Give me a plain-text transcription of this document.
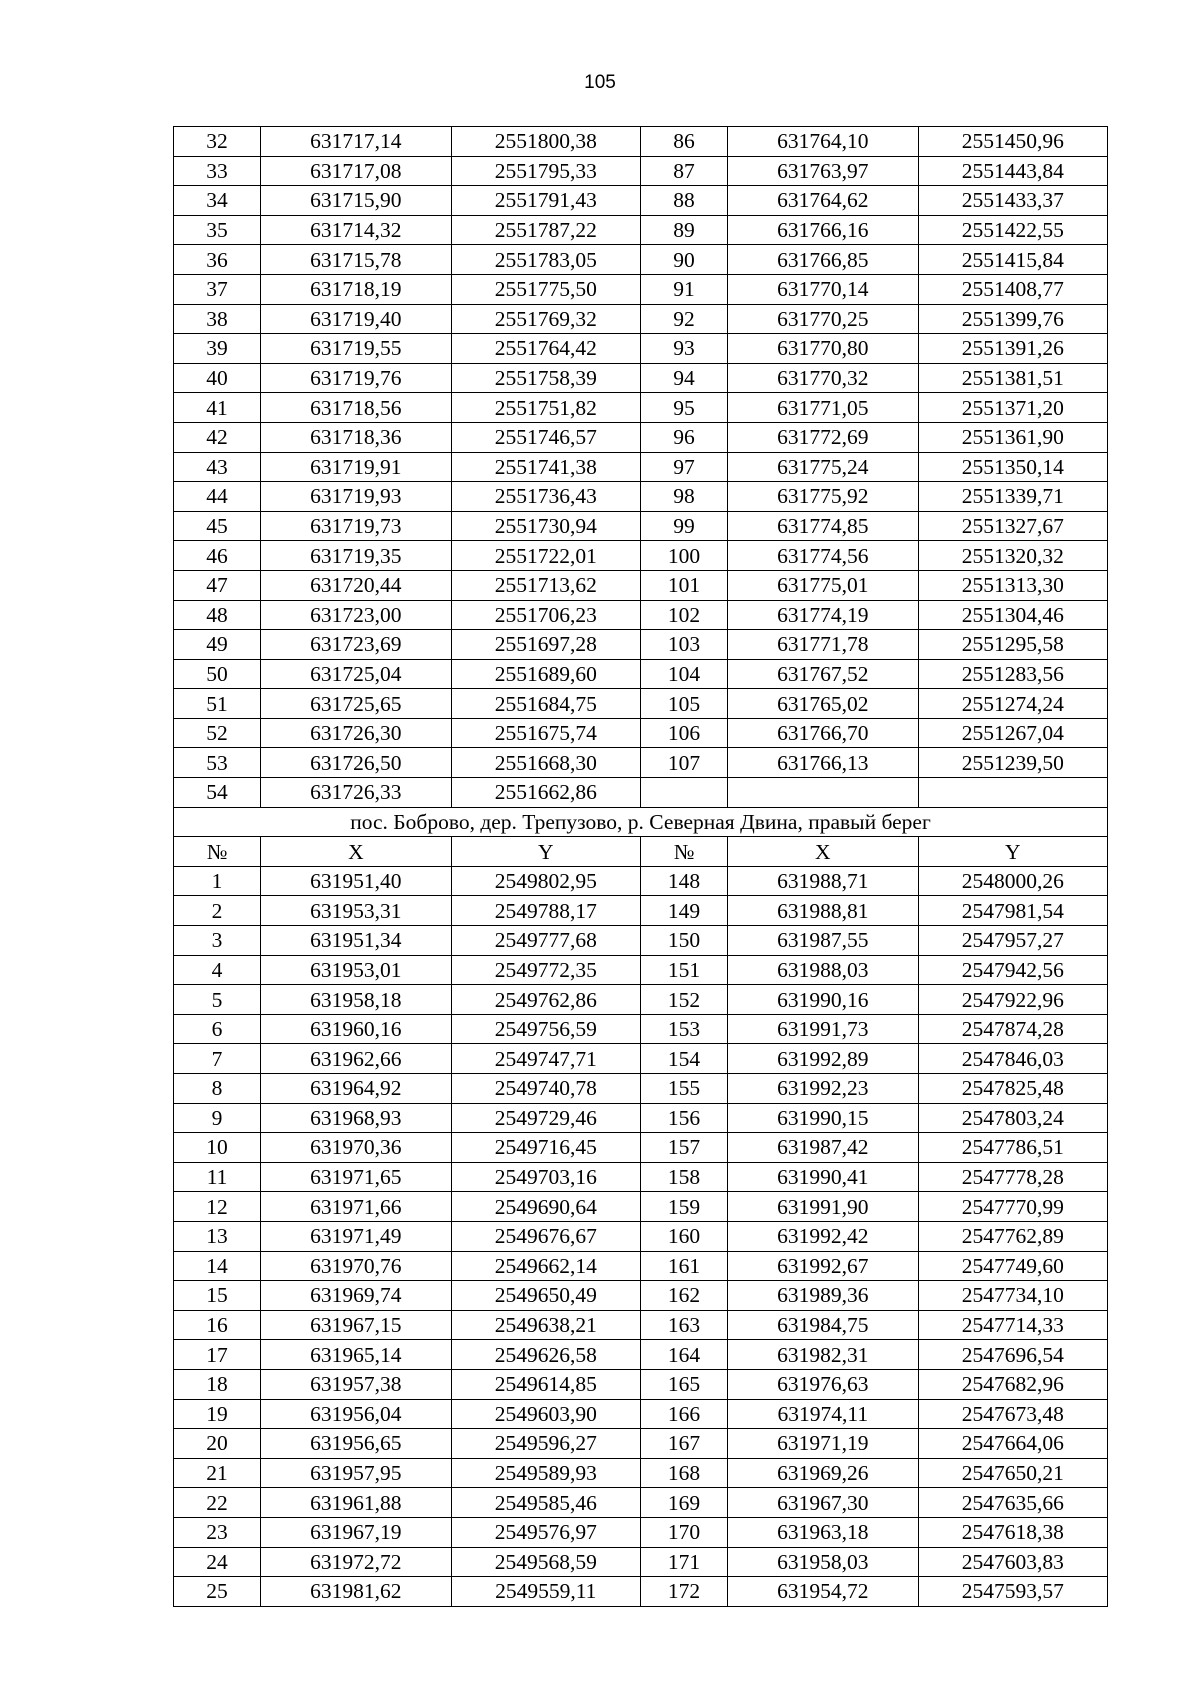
105
32	631717,14	2551800,38	86	631764,10	2551450,96
33	631717,08	2551795,33	87	631763,97	2551443,84
34	631715,90	2551791,43	88	631764,62	2551433,37
35	631714,32	2551787,22	89	631766,16	2551422,55
36	631715,78	2551783,05	90	631766,85	2551415,84
37	631718,19	2551775,50	91	631770,14	2551408,77
38	631719,40	2551769,32	92	631770,25	2551399,76
39	631719,55	2551764,42	93	631770,80	2551391,26
40	631719,76	2551758,39	94	631770,32	2551381,51
41	631718,56	2551751,82	95	631771,05	2551371,20
42	631718,36	2551746,57	96	631772,69	2551361,90
43	631719,91	2551741,38	97	631775,24	2551350,14
44	631719,93	2551736,43	98	631775,92	2551339,71
45	631719,73	2551730,94	99	631774,85	2551327,67
46	631719,35	2551722,01	100	631774,56	2551320,32
47	631720,44	2551713,62	101	631775,01	2551313,30
48	631723,00	2551706,23	102	631774,19	2551304,46
49	631723,69	2551697,28	103	631771,78	2551295,58
50	631725,04	2551689,60	104	631767,52	2551283,56
51	631725,65	2551684,75	105	631765,02	2551274,24
52	631726,30	2551675,74	106	631766,70	2551267,04
53	631726,50	2551668,30	107	631766,13	2551239,50
54	631726,33	2551662,86			
пос. Боброво, дер. Трепузово, р. Северная Двина, правый берег					
№	X	Y	№	X	Y
1	631951,40	2549802,95	148	631988,71	2548000,26
2	631953,31	2549788,17	149	631988,81	2547981,54
3	631951,34	2549777,68	150	631987,55	2547957,27
4	631953,01	2549772,35	151	631988,03	2547942,56
5	631958,18	2549762,86	152	631990,16	2547922,96
6	631960,16	2549756,59	153	631991,73	2547874,28
7	631962,66	2549747,71	154	631992,89	2547846,03
8	631964,92	2549740,78	155	631992,23	2547825,48
9	631968,93	2549729,46	156	631990,15	2547803,24
10	631970,36	2549716,45	157	631987,42	2547786,51
11	631971,65	2549703,16	158	631990,41	2547778,28
12	631971,66	2549690,64	159	631991,90	2547770,99
13	631971,49	2549676,67	160	631992,42	2547762,89
14	631970,76	2549662,14	161	631992,67	2547749,60
15	631969,74	2549650,49	162	631989,36	2547734,10
16	631967,15	2549638,21	163	631984,75	2547714,33
17	631965,14	2549626,58	164	631982,31	2547696,54
18	631957,38	2549614,85	165	631976,63	2547682,96
19	631956,04	2549603,90	166	631974,11	2547673,48
20	631956,65	2549596,27	167	631971,19	2547664,06
21	631957,95	2549589,93	168	631969,26	2547650,21
22	631961,88	2549585,46	169	631967,30	2547635,66
23	631967,19	2549576,97	170	631963,18	2547618,38
24	631972,72	2549568,59	171	631958,03	2547603,83
25	631981,62	2549559,11	172	631954,72	2547593,57
